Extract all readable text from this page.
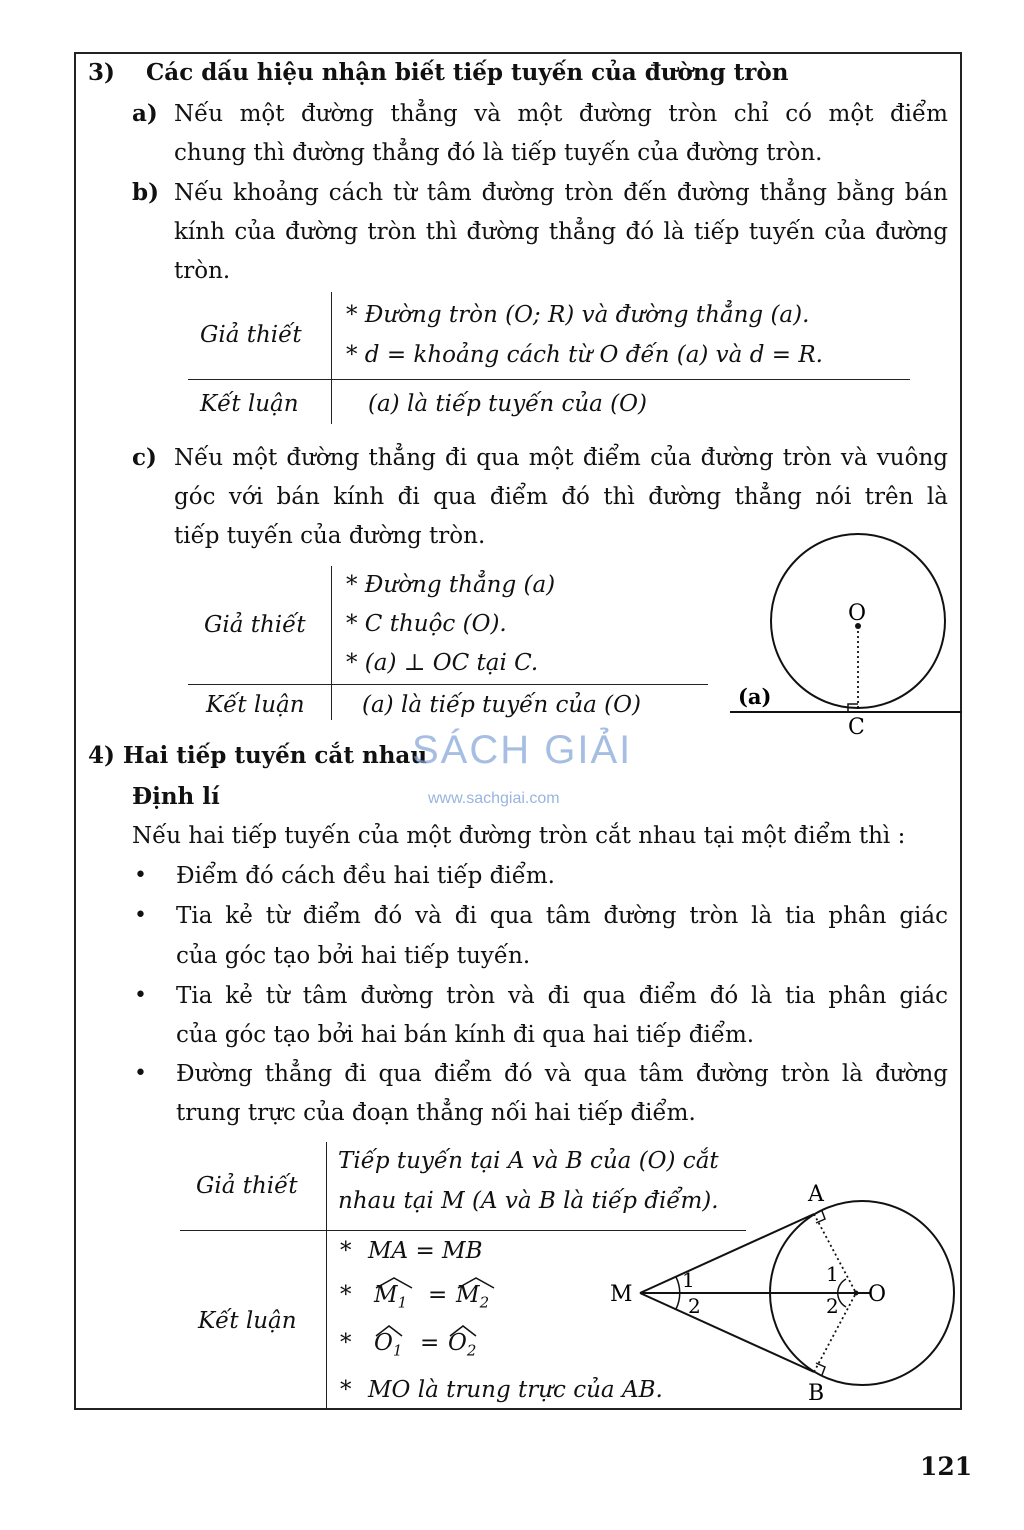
3) Các dấu hiệu nhận biết tiếp tuyến của đường tròn
a) Nếu một đường thẳng và một đường tròn chỉ có một điểm
chung thì đường thẳng đó là tiếp tuyến của đường tròn.
b) Nếu khoảng cách từ tâm đường tròn đến đường thẳng bằng bán
kính của đường tròn thì đường thẳng đó là tiếp tuyến của đường
tròn.
Giả thiết
* Đường tròn (O; R) và đường thẳng (a).
* d = khoảng cách từ O đến (a) và d = R.
Kết luận	(a) là tiếp tuyến của (O)
c) Nếu một đường thẳng đi qua một điểm của đường tròn và vuông
góc với bán kính đi qua điểm đó thì đường thẳng nói trên là
tiếp tuyến của đường tròn.
Giả thiết
* Đường thẳng (a)
* C thuộc (O).
* (a) ⊥ OC tại C.
Kết luận (a) là tiếp tuyến của (O)
O
C
(a)
4) Hai tiếp tuyến cắt nhau
Định lí
Nếu hai tiếp tuyến của một đường tròn cắt nhau tại một điểm thì :
• Điểm đó cách đều hai tiếp điểm.
• Tia kẻ từ điểm đó và đi qua tâm đường tròn là tia phân giác
của góc tạo bởi hai tiếp tuyến.
• Tia kẻ từ tâm đường tròn và đi qua điểm đó là tia phân giác
của góc tạo bởi hai bán kính đi qua hai tiếp điểm.
• Đường thẳng đi qua điểm đó và qua tâm đường tròn là đường
trung trực của đoạn thẳng nối hai tiếp điểm.
Giả thiết
Tiếp tuyến tại A và B của (O) cắt
nhau tại M (A và B là tiếp điểm).
Kết luận
* MA = MB
* $M_1 = M_2$
* $O_1 = O_2$
* MO là trung trực của AB.
1
2
1
2
A
B
M	O
SÁCH GIẢI
www.sachgiai.com
121
